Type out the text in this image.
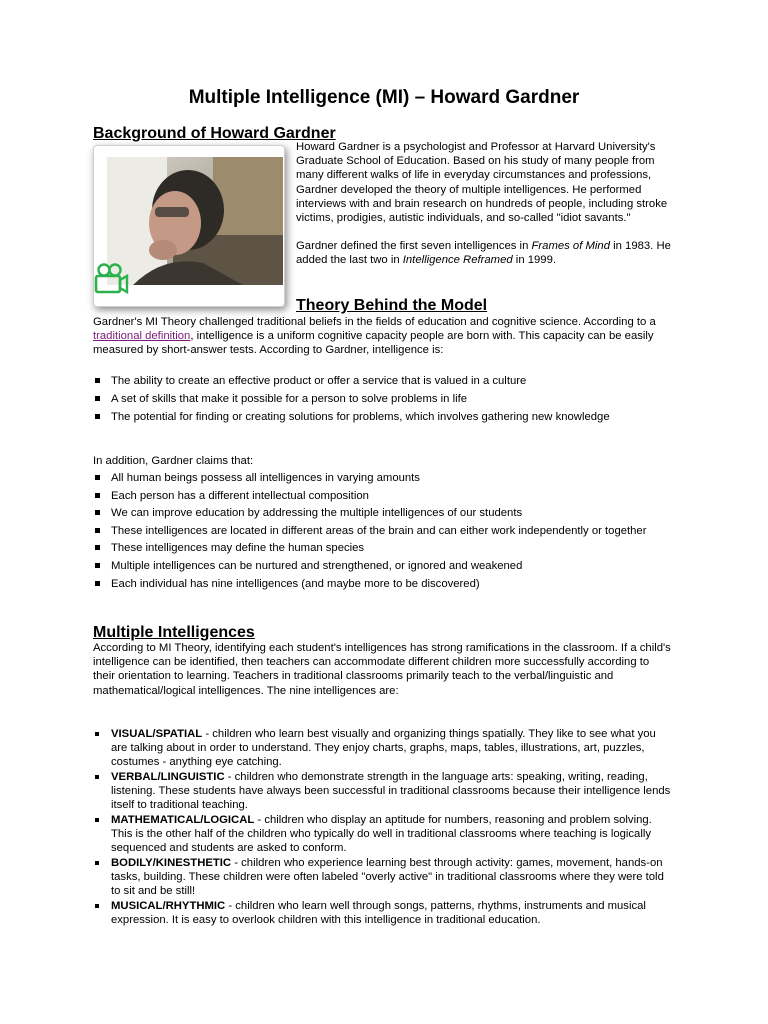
Multiple Intelligence (MI) – Howard Gardner
Background of Howard Gardner

Howard Gardner is a psychologist and Professor at Harvard University's Graduate School of Education. Based on his study of many people from many different walks of life in everyday circumstances and professions, Gardner developed the theory of multiple intelligences. He performed interviews with and brain research on hundreds of people, including stroke victims, prodigies, autistic individuals, and so-called "idiot savants."

Gardner defined the first seven intelligences in Frames of Mind in 1983. He added the last two in Intelligence Reframed in 1999.

Theory Behind the Model
Gardner's MI Theory challenged traditional beliefs in the fields of education and cognitive science. According to a traditional definition, intelligence is a uniform cognitive capacity people are born with. This capacity can be easily measured by short-answer tests. According to Gardner, intelligence is:
The ability to create an effective product or offer a service that is valued in a culture
A set of skills that make it possible for a person to solve problems in life
The potential for finding or creating solutions for problems, which involves gathering new knowledge
In addition, Gardner claims that:
All human beings possess all intelligences in varying amounts
Each person has a different intellectual composition
We can improve education by addressing the multiple intelligences of our students
These intelligences are located in different areas of the brain and can either work independently or together
These intelligences may define the human species
Multiple intelligences can be nurtured and strengthened, or ignored and weakened
Each individual has nine intelligences (and maybe more to be discovered)
Multiple Intelligences
According to MI Theory, identifying each student's intelligences has strong ramifications in the classroom. If a child's intelligence can be identified, then teachers can accommodate different children more successfully according to their orientation to learning. Teachers in traditional classrooms primarily teach to the verbal/linguistic and mathematical/logical intelligences. The nine intelligences are:
VISUAL/SPATIAL - children who learn best visually and organizing things spatially. They like to see what you are talking about in order to understand. They enjoy charts, graphs, maps, tables, illustrations, art, puzzles, costumes - anything eye catching.
VERBAL/LINGUISTIC - children who demonstrate strength in the language arts: speaking, writing, reading, listening. These students have always been successful in traditional classrooms because their intelligence lends itself to traditional teaching.
MATHEMATICAL/LOGICAL - children who display an aptitude for numbers, reasoning and problem solving. This is the other half of the children who typically do well in traditional classrooms where teaching is logically sequenced and students are asked to conform.
BODILY/KINESTHETIC - children who experience learning best through activity: games, movement, hands-on tasks, building. These children were often labeled "overly active" in traditional classrooms where they were told to sit and be still!
MUSICAL/RHYTHMIC - children who learn well through songs, patterns, rhythms, instruments and musical expression. It is easy to overlook children with this intelligence in traditional education.
